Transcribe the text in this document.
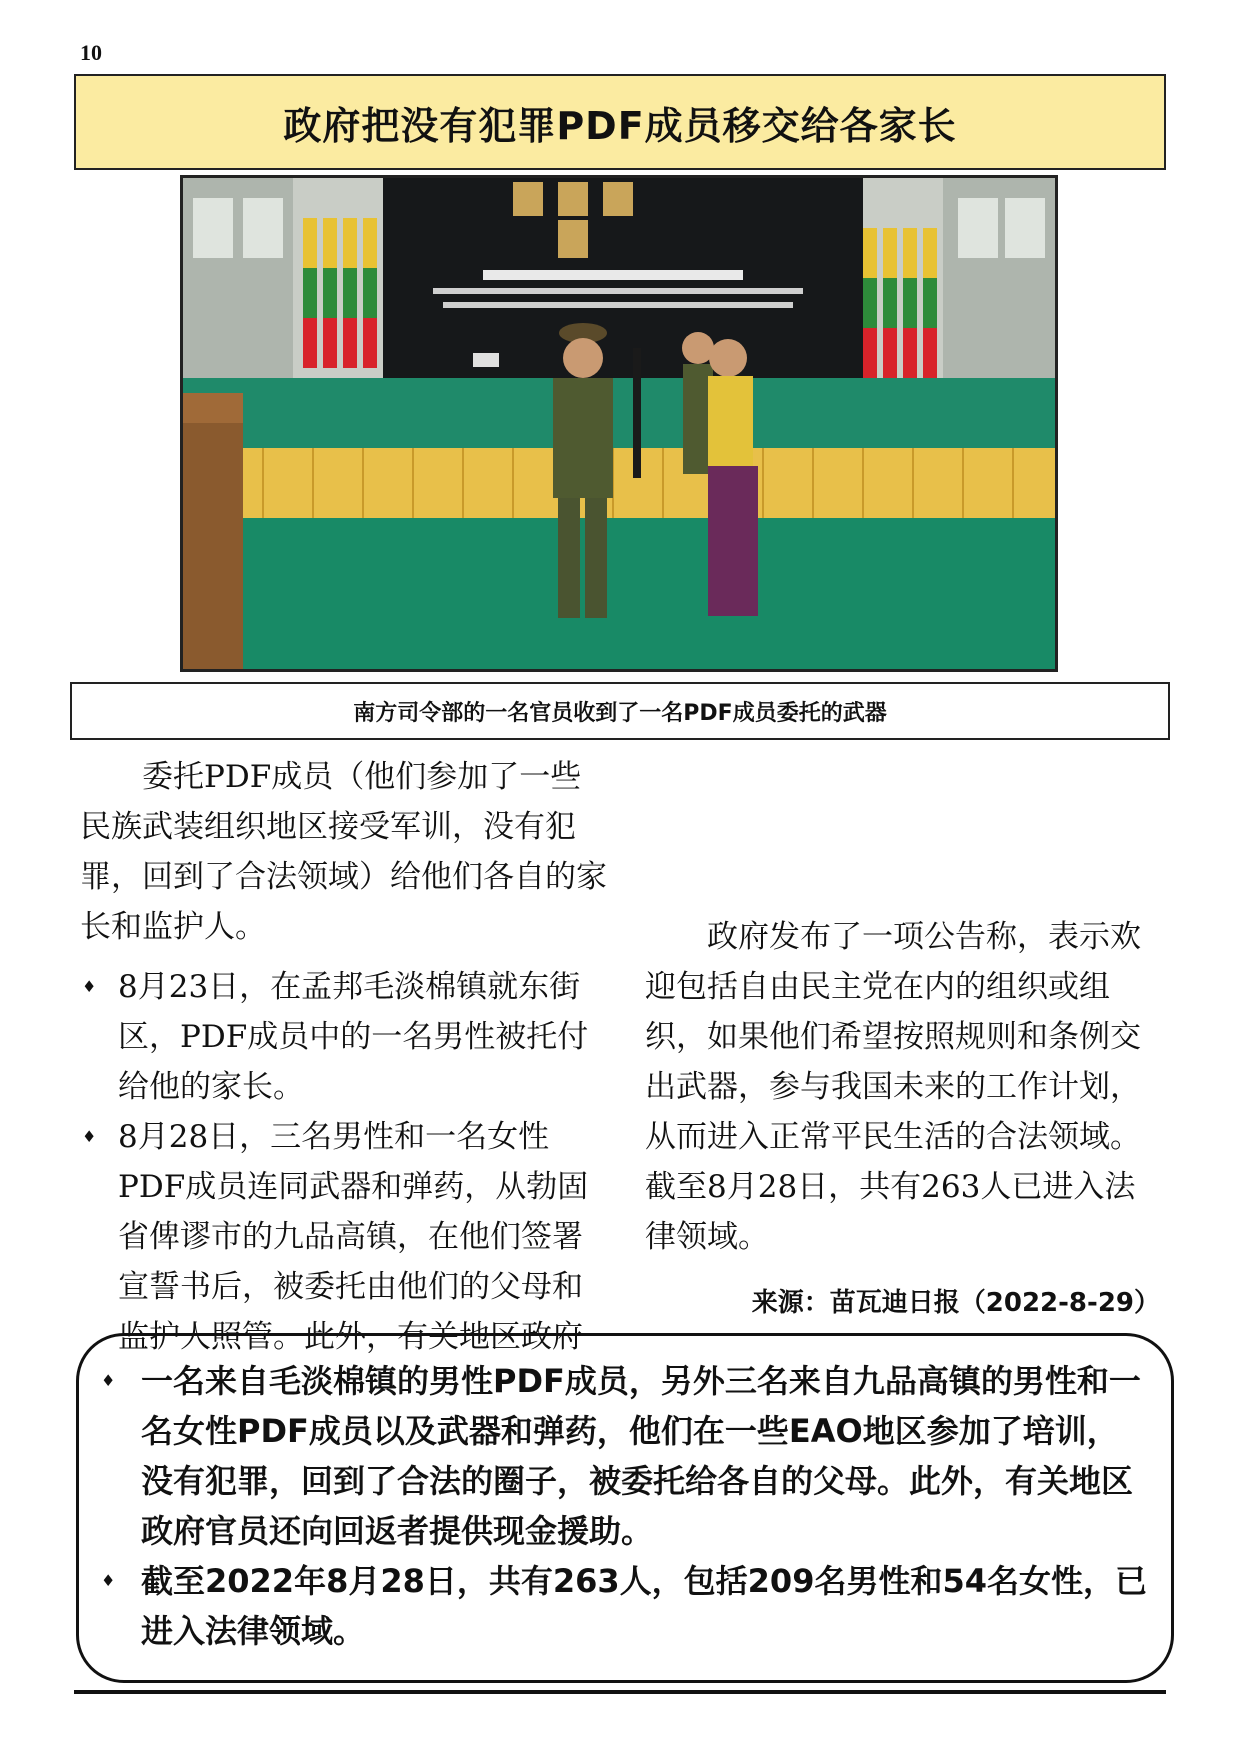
10
政府把没有犯罪PDF成员移交给各家长
南方司令部的一名官员收到了一名PDF成员委托的武器

委托PDF成员（他们参加了一些民族武装组织地区接受军训，没有犯罪，回到了合法领域）给他们各自的家长和监护人。

♦ 8月23日，在孟邦毛淡棉镇就东街区，PDF成员中的一名男性被托付给他的家长。
♦ 8月28日，三名男性和一名女性PDF成员连同武器和弹药，从勃固省俾谬市的九品高镇，在他们签署宣誓书后，被委托由他们的父母和监护人照管。此外，有关地区政府

政府发布了一项公告称，表示欢迎包括自由民主党在内的组织或组织，如果他们希望按照规则和条例交出武器，参与我国未来的工作计划，从而进入正常平民生活的合法领域。截至8月28日，共有263人已进入法律领域。

来源：苗瓦迪日报（2022-8-29）
♦ 一名来自毛淡棉镇的男性PDF成员，另外三名来自九品高镇的男性和一名女性PDF成员以及武器和弹药，他们在一些EAO地区参加了培训，没有犯罪，回到了合法的圈子，被委托给各自的父母。此外，有关地区政府官员还向回返者提供现金援助。
♦ 截至2022年8月28日，共有263人，包括209名男性和54名女性，已进入法律领域。
